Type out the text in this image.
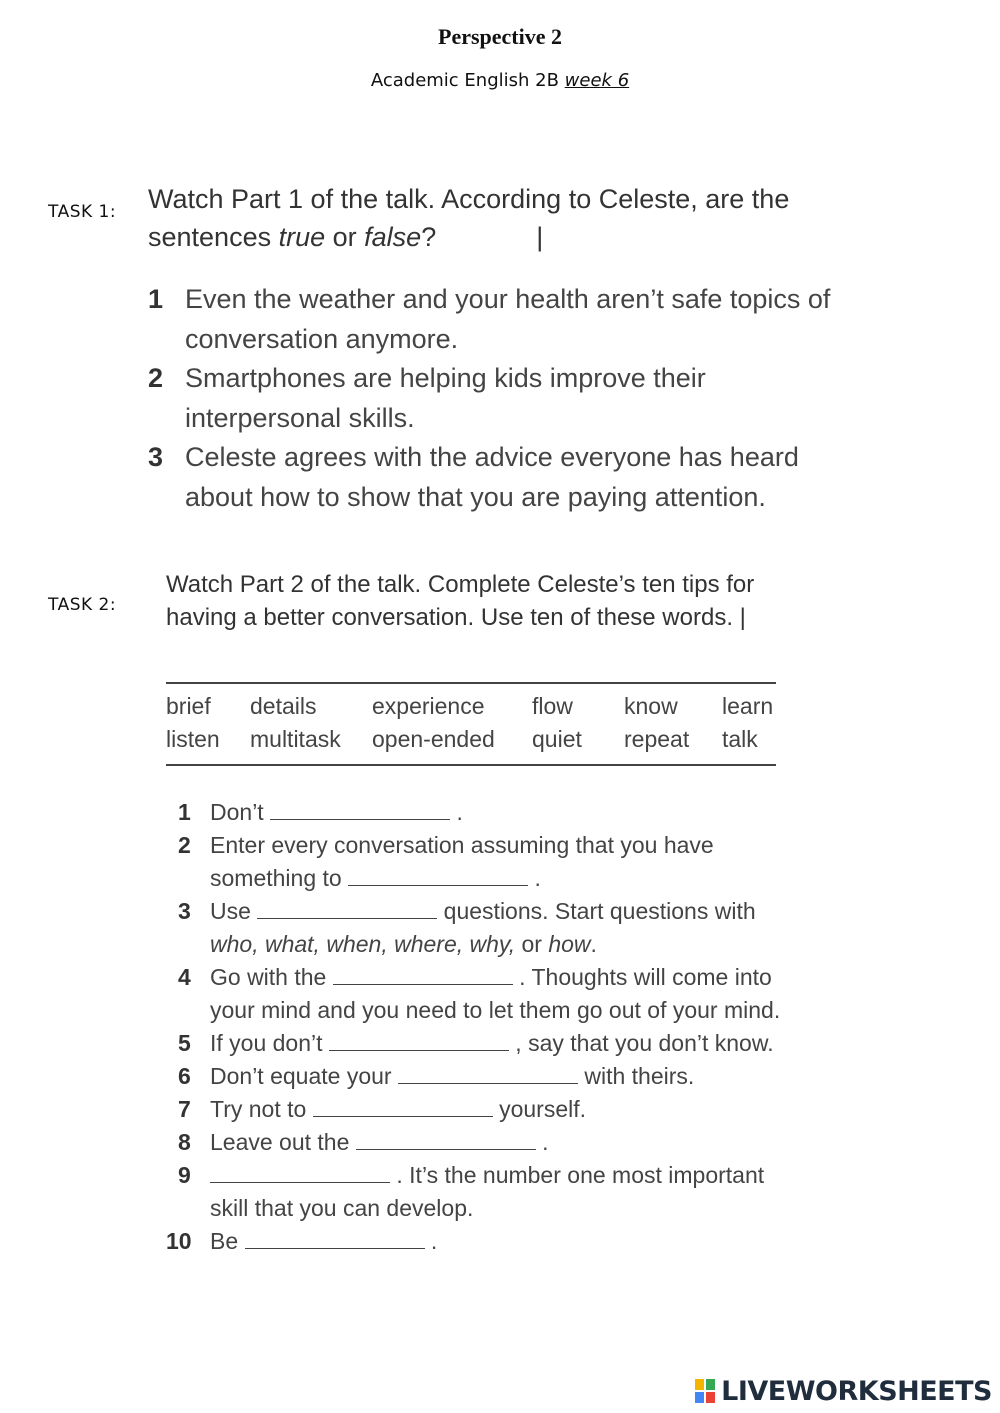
Perspective 2
Academic English 2B week 6
TASK 1: Watch Part 1 of the talk. According to Celeste, are the sentences true or false?	|
1 Even the weather and your health aren’t safe topics of conversation anymore.
2 Smartphones are helping kids improve their interpersonal skills.
3 Celeste agrees with the advice everyone has heard about how to show that you are paying attention.
TASK 2:
Watch Part 2 of the talk. Complete Celeste’s ten tips for having a better conversation. Use ten of these words. |
brief details experience flow know learn
listen multitask open-ended quiet repeat talk
1 Don’t	.
2 Enter every conversation assuming that you have something to	.
3 Use	questions. Start questions with who, what, when, where, why, or how.
4 Go with the	. Thoughts will come into your mind and you need to let them go out of your mind.
5 If you don’t	, say that you don’t know.
6 Don’t equate your	with theirs.
7 Try not to	yourself.
8 Leave out the	.
9	. It’s the number one most important skill that you can develop.
10 Be	.
LIVEWORKSHEETS
